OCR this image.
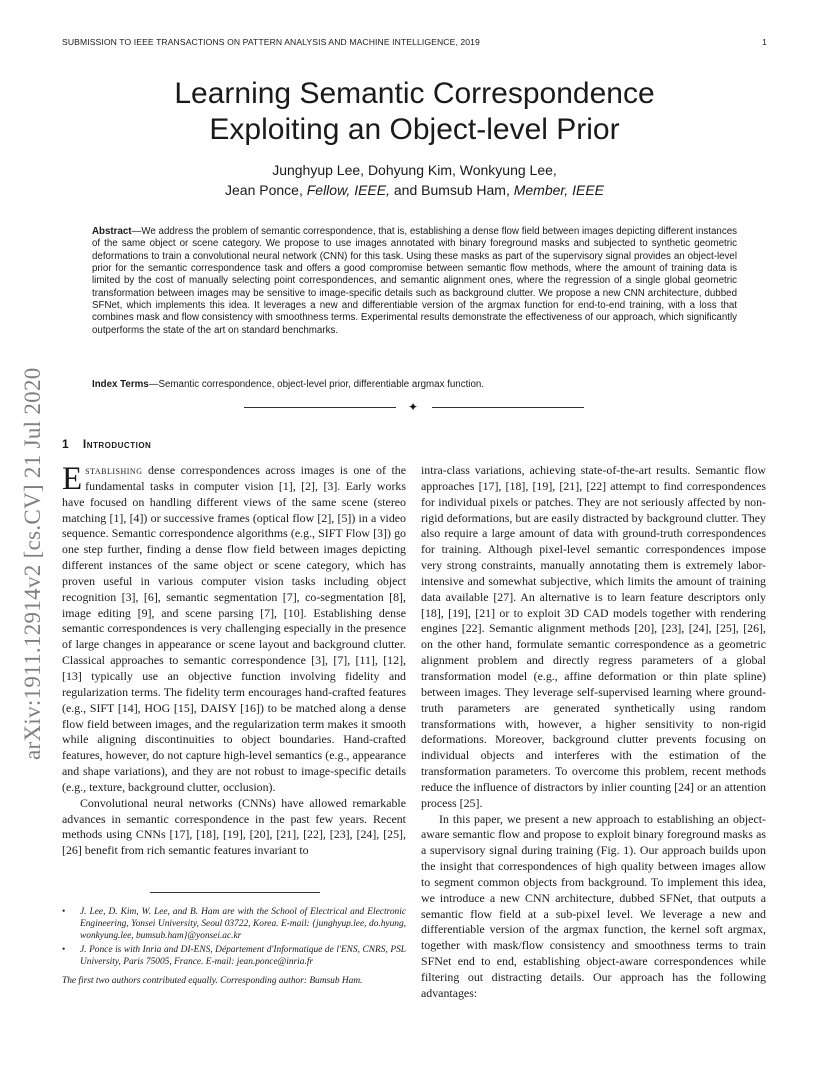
SUBMISSION TO IEEE TRANSACTIONS ON PATTERN ANALYSIS AND MACHINE INTELLIGENCE, 2019	1
Learning Semantic Correspondence
Exploiting an Object-level Prior
Junghyup Lee, Dohyung Kim, Wonkyung Lee,
Jean Ponce, Fellow, IEEE, and Bumsub Ham, Member, IEEE

Abstract—We address the problem of semantic correspondence, that is, establishing a dense flow field between images depicting different instances of the same object or scene category. We propose to use images annotated with binary foreground masks and subjected to synthetic geometric deformations to train a convolutional neural network (CNN) for this task. Using these masks as part of the supervisory signal provides an object-level prior for the semantic correspondence task and offers a good compromise between semantic flow methods, where the amount of training data is limited by the cost of manually selecting point correspondences, and semantic alignment ones, where the regression of a single global geometric transformation between images may be sensitive to image-specific details such as background clutter. We propose a new CNN architecture, dubbed SFNet, which implements this idea. It leverages a new and differentiable version of the argmax function for end-to-end training, with a loss that combines mask and flow consistency with smoothness terms. Experimental results demonstrate the effectiveness of our approach, which significantly outperforms the state of the art on standard benchmarks.

Index Terms—Semantic correspondence, object-level prior, differentiable argmax function.

✦
1 Introduction

Establishing dense correspondences across images is one of the fundamental tasks in computer vision [1], [2], [3]. Early works have focused on handling different views of the same scene (stereo matching [1], [4]) or successive frames (optical flow [2], [5]) in a video sequence. Semantic correspondence algorithms (e.g., SIFT Flow [3]) go one step further, finding a dense flow field between images depicting different instances of the same object or scene category, which has proven useful in various computer vision tasks including object recognition [3], [6], semantic segmentation [7], co-segmentation [8], image editing [9], and scene parsing [7], [10]. Establishing dense semantic correspondences is very challenging especially in the presence of large changes in appearance or scene layout and background clutter. Classical approaches to semantic correspondence [3], [7], [11], [12], [13] typically use an objective function involving fidelity and regularization terms. The fidelity term encourages hand-crafted features (e.g., SIFT [14], HOG [15], DAISY [16]) to be matched along a dense flow field between images, and the regularization term makes it smooth while aligning discontinuities to object boundaries. Hand-crafted features, however, do not capture high-level semantics (e.g., appearance and shape variations), and they are not robust to image-specific details (e.g., texture, background clutter, occlusion).

Convolutional neural networks (CNNs) have allowed remarkable advances in semantic correspondence in the past few years. Recent methods using CNNs [17], [18], [19], [20], [21], [22], [23], [24], [25], [26] benefit from rich semantic features invariant to

• J. Lee, D. Kim, W. Lee, and B. Ham are with the School of Electrical and Electronic Engineering, Yonsei University, Seoul 03722, Korea. E-mail: {junghyup.lee, do.hyung, wonkyung.lee, bumsub.ham}@yonsei.ac.kr
• J. Ponce is with Inria and DI-ENS, Département d'Informatique de l'ENS, CNRS, PSL University, Paris 75005, France. E-mail: jean.ponce@inria.fr
The first two authors contributed equally. Corresponding author: Bumsub Ham.

intra-class variations, achieving state-of-the-art results. Semantic flow approaches [17], [18], [19], [21], [22] attempt to find correspondences for individual pixels or patches. They are not seriously affected by non-rigid deformations, but are easily distracted by background clutter. They also require a large amount of data with ground-truth correspondences for training. Although pixel-level semantic correspondences impose very strong constraints, manually annotating them is extremely labor-intensive and somewhat subjective, which limits the amount of training data available [27]. An alternative is to learn feature descriptors only [18], [19], [21] or to exploit 3D CAD models together with rendering engines [22]. Semantic alignment methods [20], [23], [24], [25], [26], on the other hand, formulate semantic correspondence as a geometric alignment problem and directly regress parameters of a global transformation model (e.g., affine deformation or thin plate spline) between images. They leverage self-supervised learning where ground-truth parameters are generated synthetically using random transformations with, however, a higher sensitivity to non-rigid deformations. Moreover, background clutter prevents focusing on individual objects and interferes with the estimation of the transformation parameters. To overcome this problem, recent methods reduce the influence of distractors by inlier counting [24] or an attention process [25].

In this paper, we present a new approach to establishing an object-aware semantic flow and propose to exploit binary foreground masks as a supervisory signal during training (Fig. 1). Our approach builds upon the insight that correspondences of high quality between images allow to segment common objects from background. To implement this idea, we introduce a new CNN architecture, dubbed SFNet, that outputs a semantic flow field at a sub-pixel level. We leverage a new and differentiable version of the argmax function, the kernel soft argmax, together with mask/flow consistency and smoothness terms to train SFNet end to end, establishing object-aware correspondences while filtering out distracting details. Our approach has the following advantages:

arXiv:1911.12914v2 [cs.CV] 21 Jul 2020
